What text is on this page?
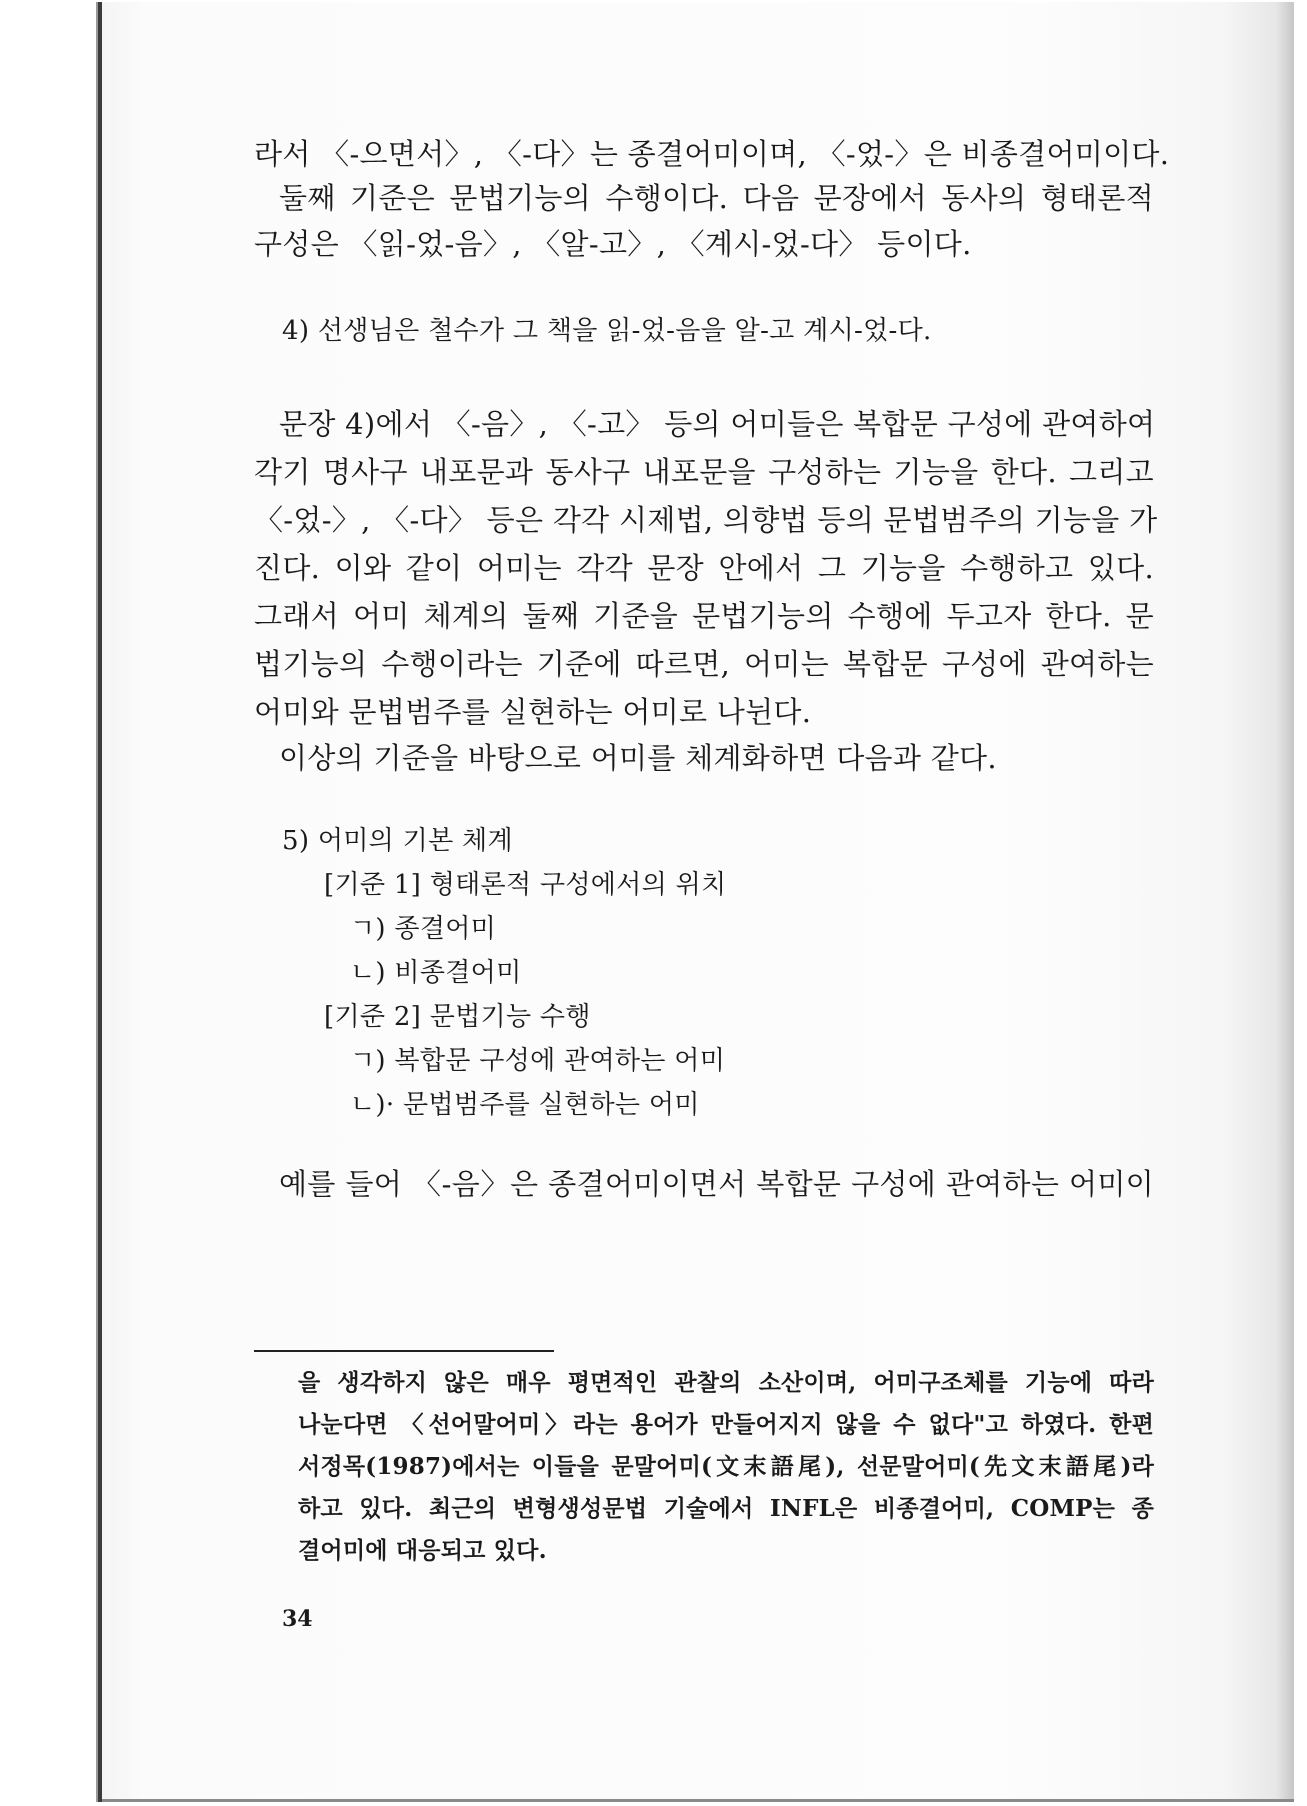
라서 〈-으면서〉, 〈-다〉는 종결어미이며, 〈-었-〉은 비종결어미이다.
둘째 기준은 문법기능의 수행이다. 다음 문장에서 동사의 형태론적
구성은 〈읽-었-음〉, 〈알-고〉, 〈계시-었-다〉 등이다.
4) 선생님은 철수가 그 책을 읽-었-음을 알-고 계시-었-다.
문장 4)에서 〈-음〉, 〈-고〉 등의 어미들은 복합문 구성에 관여하여
각기 명사구 내포문과 동사구 내포문을 구성하는 기능을 한다. 그리고
〈-었-〉, 〈-다〉 등은 각각 시제법, 의향법 등의 문법범주의 기능을 가
진다. 이와 같이 어미는 각각 문장 안에서 그 기능을 수행하고 있다.
그래서 어미 체계의 둘째 기준을 문법기능의 수행에 두고자 한다. 문
법기능의 수행이라는 기준에 따르면, 어미는 복합문 구성에 관여하는
어미와 문법범주를 실현하는 어미로 나뉜다.
이상의 기준을 바탕으로 어미를 체계화하면 다음과 같다.
5) 어미의 기본 체계
[기준 1] 형태론적 구성에서의 위치
ㄱ) 종결어미
ㄴ) 비종결어미
[기준 2] 문법기능 수행
ㄱ) 복합문 구성에 관여하는 어미
ㄴ)· 문법범주를 실현하는 어미
예를 들어 〈-음〉은 종결어미이면서 복합문 구성에 관여하는 어미이
을 생각하지 않은 매우 평면적인 관찰의 소산이며, 어미구조체를 기능에 따라
나눈다면 〈선어말어미〉라는 용어가 만들어지지 않을 수 없다"고 하였다. 한편
서정목(1987)에서는 이들을 문말어미(文末語尾), 선문말어미(先文末語尾)라
하고 있다. 최근의 변형생성문법 기술에서 INFL은 비종결어미, COMP는 종
결어미에 대응되고 있다.
34
